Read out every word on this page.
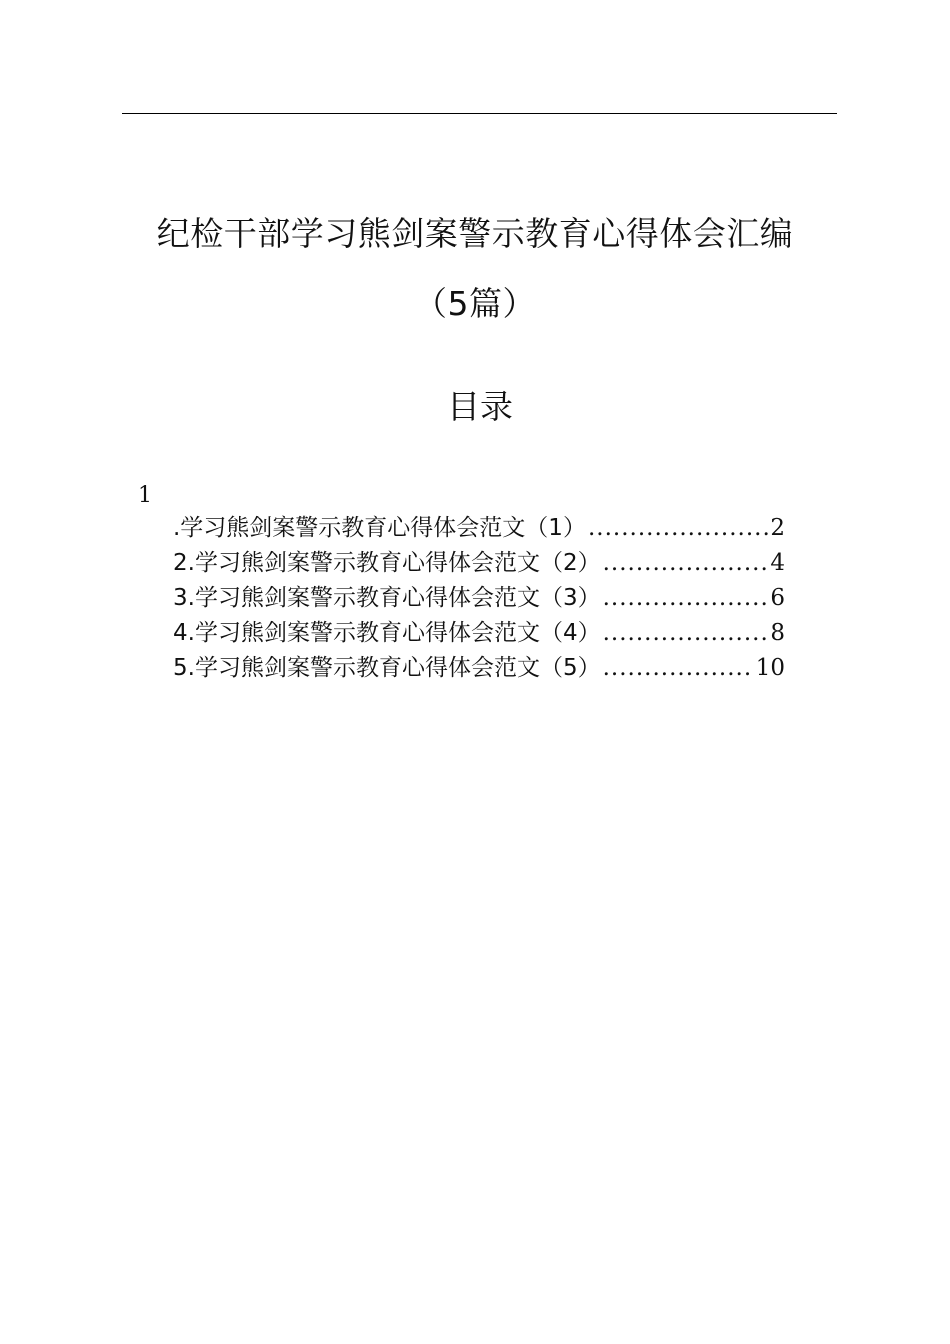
纪检干部学习熊剑案警示教育心得体会汇编
（5篇）
目录
1
.学习熊剑案警示教育心得体会范文（1） .....	2
2.学习熊剑案警示教育心得体会范文（2） .....	4
3.学习熊剑案警示教育心得体会范文（3） .....	6
4.学习熊剑案警示教育心得体会范文（4） .....	8
5.学习熊剑案警示教育心得体会范文（5） .....	10
